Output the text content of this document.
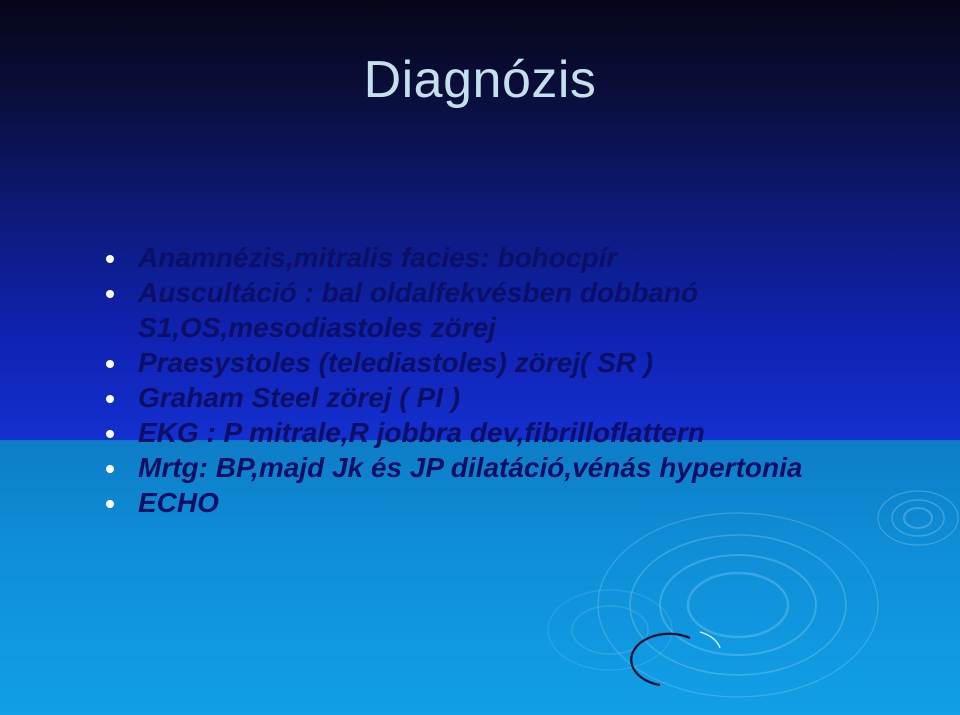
Diagnózis
Anamnézis,mitralis facies: bohocpír
Auscultáció : bal oldalfekvésben dobbanó S1,OS,mesodiastoles zörej
Praesystoles (telediastoles) zörej( SR )
Graham Steel zörej ( PI )
EKG : P mitrale,R jobbra dev,fibrilloflattern
Mrtg: BP,majd Jk és JP dilatáció,vénás hypertonia
ECHO
